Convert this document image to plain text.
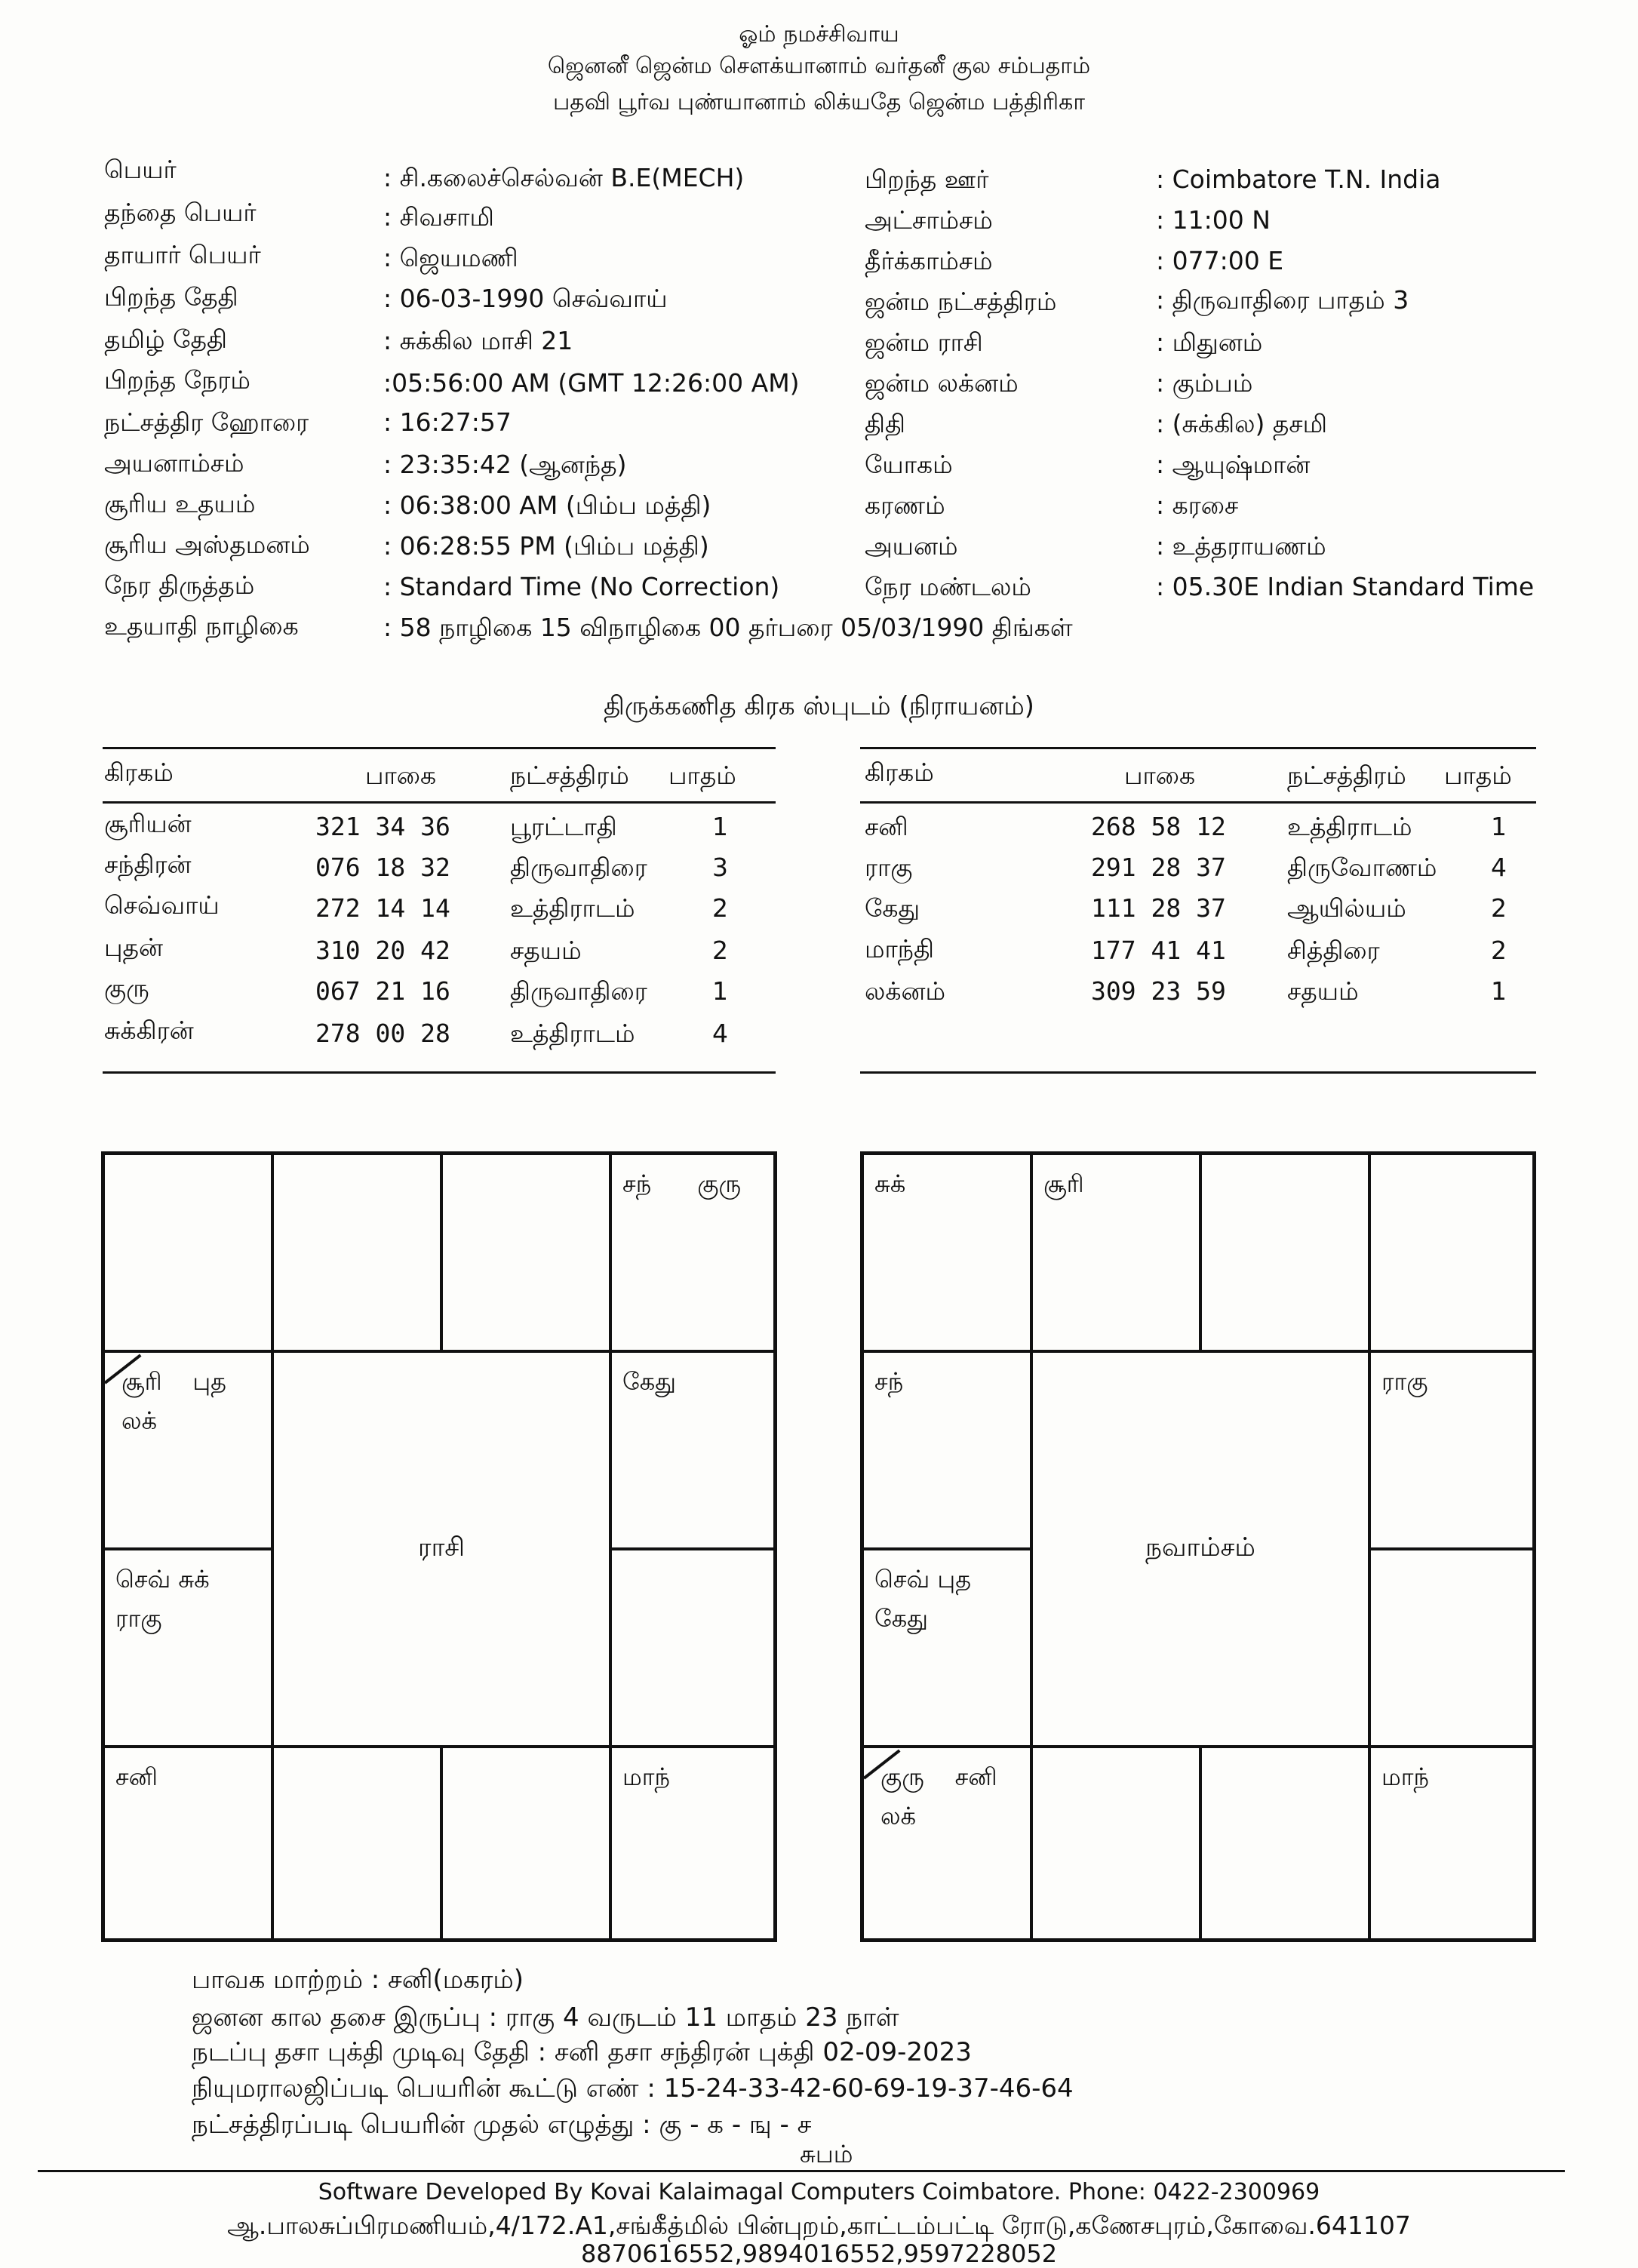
ஓம் நமச்சிவாய
ஜெனனீ ஜென்ம சௌக்யானாம் வர்தனீ குல சம்பதாம்
பதவி பூர்வ புண்யானாம் லிக்யதே ஜென்ம பத்திரிகா
பெயர்	: சி.கலைச்செல்வன் B.E(MECH)
தந்தை பெயர்	: சிவசாமி
தாயார் பெயர்	: ஜெயமணி
பிறந்த தேதி	: 06-03-1990 செவ்வாய்
தமிழ் தேதி	: சுக்கில மாசி 21
பிறந்த நேரம்	:05:56:00 AM (GMT 12:26:00 AM)
நட்சத்திர ஹோரை	: 16:27:57
அயனாம்சம்	: 23:35:42 (ஆனந்த)
சூரிய உதயம்	: 06:38:00 AM (பிம்ப மத்தி)
சூரிய அஸ்தமனம்	: 06:28:55 PM (பிம்ப மத்தி)
நேர திருத்தம்	: Standard Time (No Correction)
உதயாதி நாழிகை	: 58 நாழிகை 15 விநாழிகை 00 தர்பரை 05/03/1990 திங்கள்
பிறந்த ஊர்	: Coimbatore T.N. India
அட்சாம்சம்	: 11:00 N
தீர்க்காம்சம்	: 077:00 E
ஜன்ம நட்சத்திரம்	: திருவாதிரை பாதம் 3
ஜன்ம ராசி	: மிதுனம்
ஜன்ம லக்னம்	: கும்பம்
திதி	: (சுக்கில) தசமி
யோகம்	: ஆயுஷ்மான்
கரணம்	: கரசை
அயனம்	: உத்தராயணம்
நேர மண்டலம்	: 05.30E Indian Standard Time
திருக்கணித கிரக ஸ்புடம் (நிராயனம்)
கிரகம்	பாகை	நட்சத்திரம் பாதம்
சூரியன்	321 34 36 பூரட்டாதி	1
சந்திரன்	076 18 32 திருவாதிரை	3
செவ்வாய்	272 14 14 உத்திராடம்	2
புதன்	310 20 42 சதயம்	2
குரு	067 21 16 திருவாதிரை	1
சுக்கிரன்	278 00 28 உத்திராடம்	4
கிரகம்	பாகை	நட்சத்திரம் பாதம்
சனி	268 58 12 உத்திராடம்	1
ராகு	291 28 37 திருவோணம் 4
கேது	111 28 37 ஆயில்யம்	2
மாந்தி	177 41 41 சித்திரை	2
லக்னம்	309 23 59 சதயம்	1
சந்      குரு
சூரி    புத
லக்
கேது
செவ் சுக்
ராகு
சனி	மாந்
ராசி
சுக்	சூரி
சந்	ராகு
செவ் புத
கேது
குரு    சனி
லக்
மாந்
நவாம்சம்
பாவக மாற்றம் : சனி(மகரம்)
ஜனன கால தசை இருப்பு : ராகு 4 வருடம் 11 மாதம் 23 நாள்
நடப்பு தசா புக்தி முடிவு தேதி : சனி தசா சந்திரன் புக்தி 02-09-2023
நியுமராலஜிப்படி பெயரின் கூட்டு எண் : 15-24-33-42-60-69-19-37-46-64
நட்சத்திரப்படி பெயரின் முதல் எழுத்து : கு - க - ஙு - ச
சுபம்
Software Developed By Kovai Kalaimagal Computers Coimbatore. Phone: 0422-2300969
ஆ.பாலசுப்பிரமணியம்,4/172.A1,சங்கீத்மில் பின்புறம்,காட்டம்பட்டி ரோடு,கணேசபுரம்,கோவை.641107
8870616552,9894016552,9597228052
